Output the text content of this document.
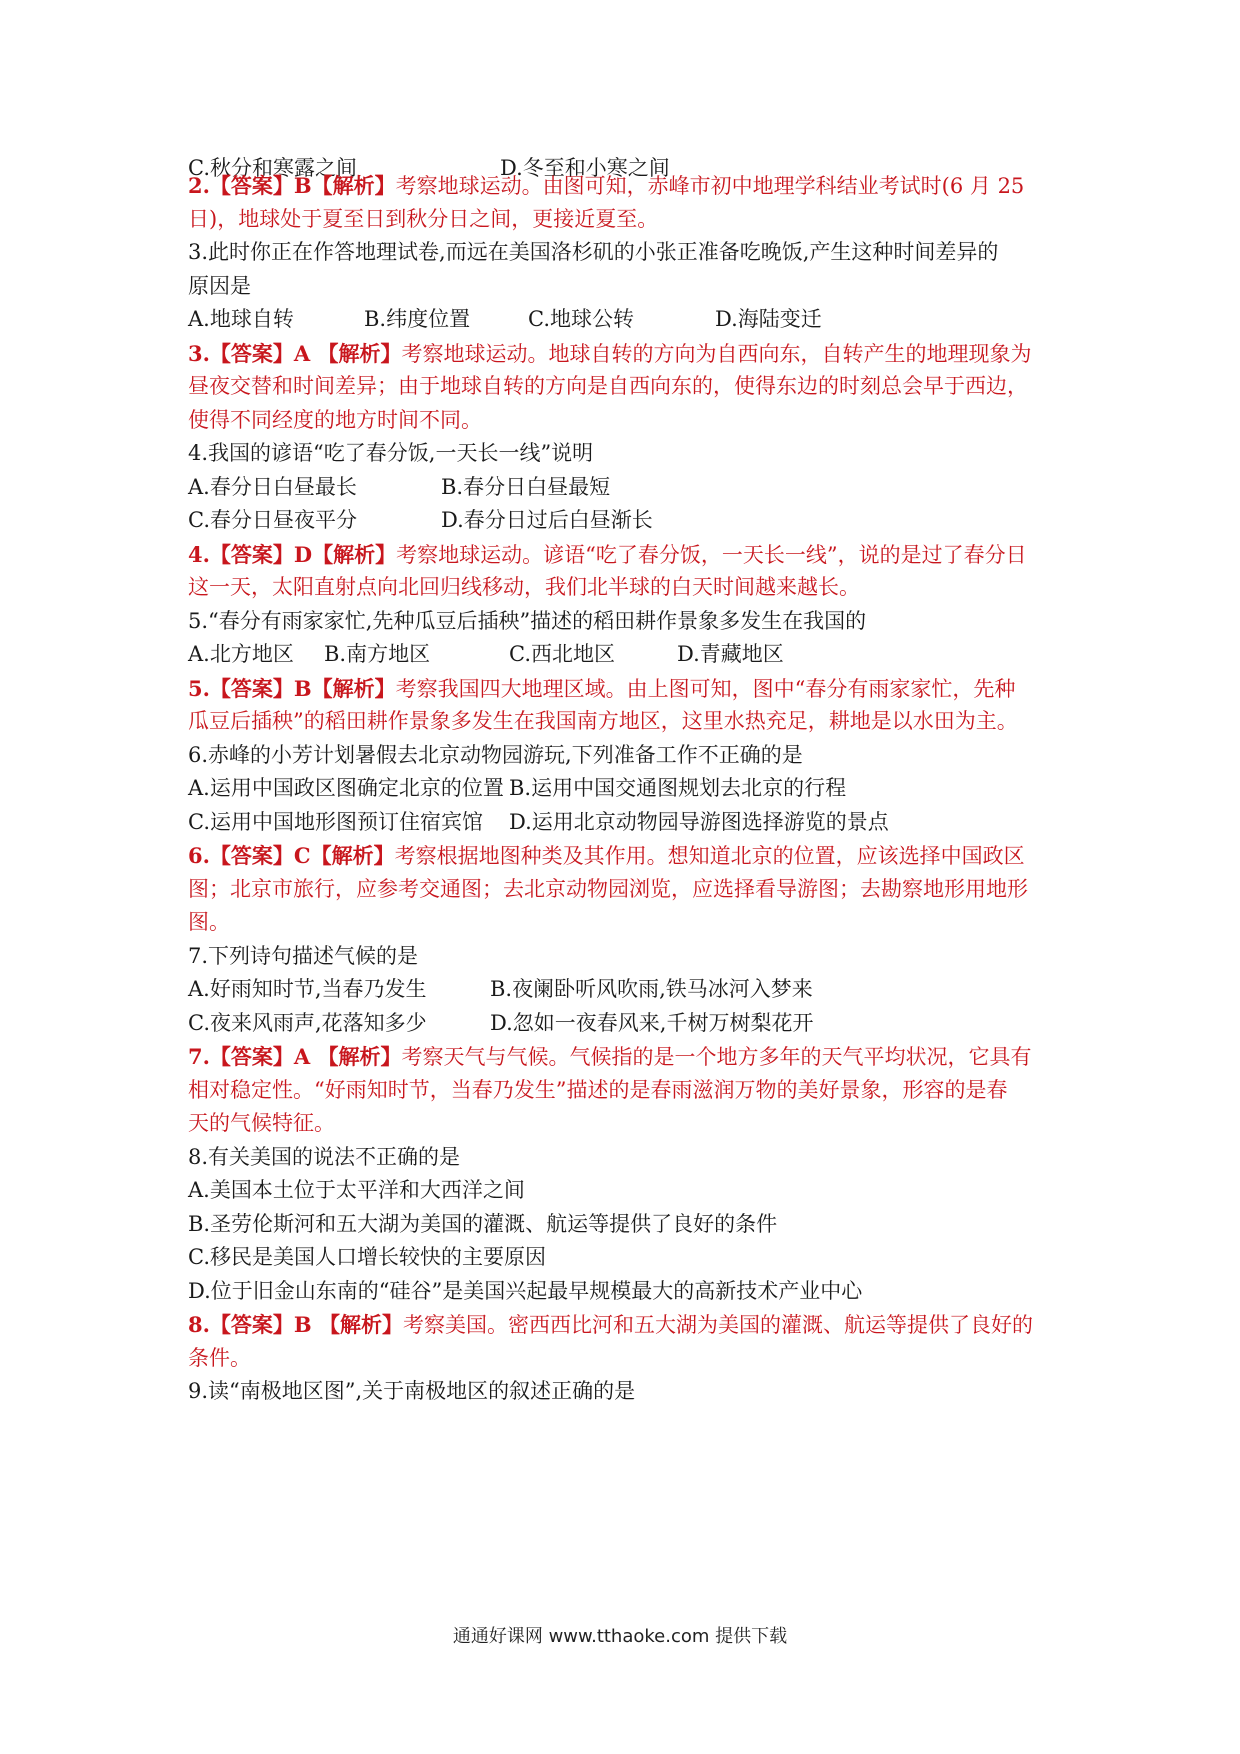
C.秋分和寒露之间	D.冬至和小寒之间
2.【答案】B【解析】考察地球运动。由图可知，赤峰市初中地理学科结业考试时(6 月 25
日)，地球处于夏至日到秋分日之间，更接近夏至。
3.此时你正在作答地理试卷,而远在美国洛杉矶的小张正准备吃晚饭,产生这种时间差异的
原因是
A.地球自转	B.纬度位置	C.地球公转	D.海陆变迁
3.【答案】A 【解析】考察地球运动。地球自转的方向为自西向东，自转产生的地理现象为
昼夜交替和时间差异；由于地球自转的方向是自西向东的，使得东边的时刻总会早于西边，
使得不同经度的地方时间不同。
4.我国的谚语“吃了春分饭,一天长一线”说明
A.春分日白昼最长	B.春分日白昼最短
C.春分日昼夜平分	D.春分日过后白昼渐长
4.【答案】D【解析】考察地球运动。谚语“吃了春分饭，一天长一线”，说的是过了春分日
这一天，太阳直射点向北回归线移动，我们北半球的白天时间越来越长。
5.“春分有雨家家忙,先种瓜豆后插秧”描述的稻田耕作景象多发生在我国的
A.北方地区 B.南方地区	C.西北地区	D.青藏地区
5.【答案】B【解析】考察我国四大地理区域。由上图可知，图中“春分有雨家家忙，先种
瓜豆后插秧”的稻田耕作景象多发生在我国南方地区，这里水热充足，耕地是以水田为主。
6.赤峰的小芳计划暑假去北京动物园游玩,下列准备工作不正确的是
A.运用中国政区图确定北京的位置 B.运用中国交通图规划去北京的行程
C.运用中国地形图预订住宿宾馆 D.运用北京动物园导游图选择游览的景点
6.【答案】C【解析】考察根据地图种类及其作用。想知道北京的位置，应该选择中国政区
图；北京市旅行，应参考交通图；去北京动物园浏览，应选择看导游图；去勘察地形用地形
图。
7.下列诗句描述气候的是
A.好雨知时节,当春乃发生	B.夜阑卧听风吹雨,铁马冰河入梦来
C.夜来风雨声,花落知多少	D.忽如一夜春风来,千树万树梨花开
7.【答案】A 【解析】考察天气与气候。气候指的是一个地方多年的天气平均状况，它具有
相对稳定性。“好雨知时节，当春乃发生”描述的是春雨滋润万物的美好景象，形容的是春
天的气候特征。
8.有关美国的说法不正确的是
A.美国本土位于太平洋和大西洋之间
B.圣劳伦斯河和五大湖为美国的灌溉、航运等提供了良好的条件
C.移民是美国人口增长较快的主要原因
D.位于旧金山东南的“硅谷”是美国兴起最早规模最大的高新技术产业中心
8.【答案】B 【解析】考察美国。密西西比河和五大湖为美国的灌溉、航运等提供了良好的
条件。
9.读“南极地区图”,关于南极地区的叙述正确的是
通通好课网 www.tthaoke.com 提供下载
